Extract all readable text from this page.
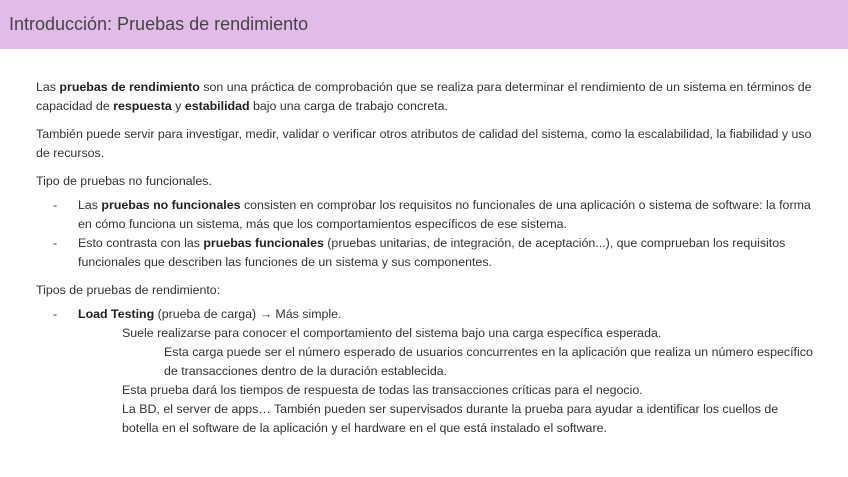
Introducción: Pruebas de rendimiento

Las pruebas de rendimiento son una práctica de comprobación que se realiza para determinar el rendimiento de un sistema en términos de capacidad de respuesta y estabilidad bajo una carga de trabajo concreta.

También puede servir para investigar, medir, validar o verificar otros atributos de calidad del sistema, como la escalabilidad, la fiabilidad y uso de recursos.

Tipo de pruebas no funcionales.

-	Las pruebas no funcionales consisten en comprobar los requisitos no funcionales de una aplicación o sistema de software: la forma en cómo funciona un sistema, más que los comportamientos específicos de ese sistema.
-	Esto contrasta con las pruebas funcionales (pruebas unitarias, de integración, de aceptación...), que comprueban los requisitos funcionales que describen las funciones de un sistema y sus componentes.

Tipos de pruebas de rendimiento:

-	Load Testing (prueba de carga) → Más simple.

Suele realizarse para conocer el comportamiento del sistema bajo una carga específica esperada.

Esta carga puede ser el número esperado de usuarios concurrentes en la aplicación que realiza un número específico de transacciones dentro de la duración establecida.

Esta prueba dará los tiempos de respuesta de todas las transacciones críticas para el negocio.

La BD, el server de apps… También pueden ser supervisados durante la prueba para ayudar a identificar los cuellos de botella en el software de la aplicación y el hardware en el que está instalado el software.
